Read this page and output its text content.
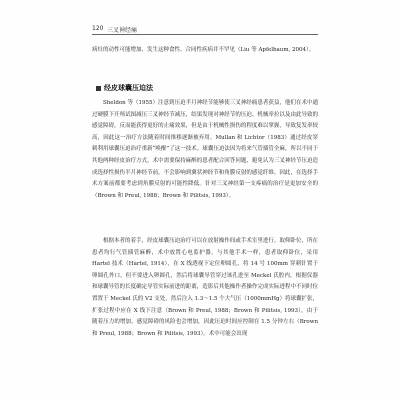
120 三叉神经痛

病灶的动性可能增加、发生这种食性、合同性疾病并不罕见（Liu 等 Apfelbaum, 2004）。

经皮球囊压迫法

Sheldon 等（1955）注意到压迫半月神经节能够使三叉神经痛患者获益，他们在术中通过硬膜下开颅试图减压三叉神经节减压，结果发现对神经节的压迫、机械牵拉以及由此导致的感觉障碍，反而能获得更好的止痛效果，但是由于机械性损伤的程度难以掌握，导致复发率较高，因此这一治疗方法随着时间推移逐渐被弃用。Mullan 和 Lichtor（1983）通过经皮穿刺利用球囊压迫治疗重新“唤醒”了这一技术。球囊压迫法因为将来气管插管全麻，所以不同于其他两种经皮治疗方式，术中需要保持麻醉的患者配合回答问题，避免认为三叉神经节压迫造成选择性损伤半月神经节前，不会影响到翼状神经节和角膜反射的感觉纤维。因此，在选择手术方案前都要考虑到角膜反射的可能性降低。针对三叉神经第一支疼痛的治疗是更加安全的（Brown 和 Preul, 1988；Brown 和 Pilitsis, 1993）。

根据本者的着手，经皮球囊压迫治疗可以在放射操作间或手术室里进行。取仰卧位，所在患者均行气管插管麻醉，术中放置心电监护器，与其他手术一样，患者取仰卧位，采用 Hartel 技术（Hartel, 1914），在 X 线透视下定位卵圆孔，将 14 号 100mm 穿刺针置于卵圆孔外口，但不要进入卵圆孔，然后将球囊导管穿过该孔进至 Meckel 氏腔内，根据仪器和球囊导管的长度确定导管实际前进的距离，造影后其他操作者操作完成实际进程中不同时位置置于 Meckel 氏的 V2 支处，然后注入 1.3～1.5 个大气压（1000mmHg）将球囊扩张，扩张过程中应在 X 线下注意（Brown 和 Preul, 1988；Brown 和 Pilitsis, 1993），由于随着压力的增加，感觉障碍的风险也会增加，因此压迫时间应控制在 1.5 分钟左右（Brown 和 Preul, 1988；Brown 和 Pilitsis, 1993）。术中可能会出现
